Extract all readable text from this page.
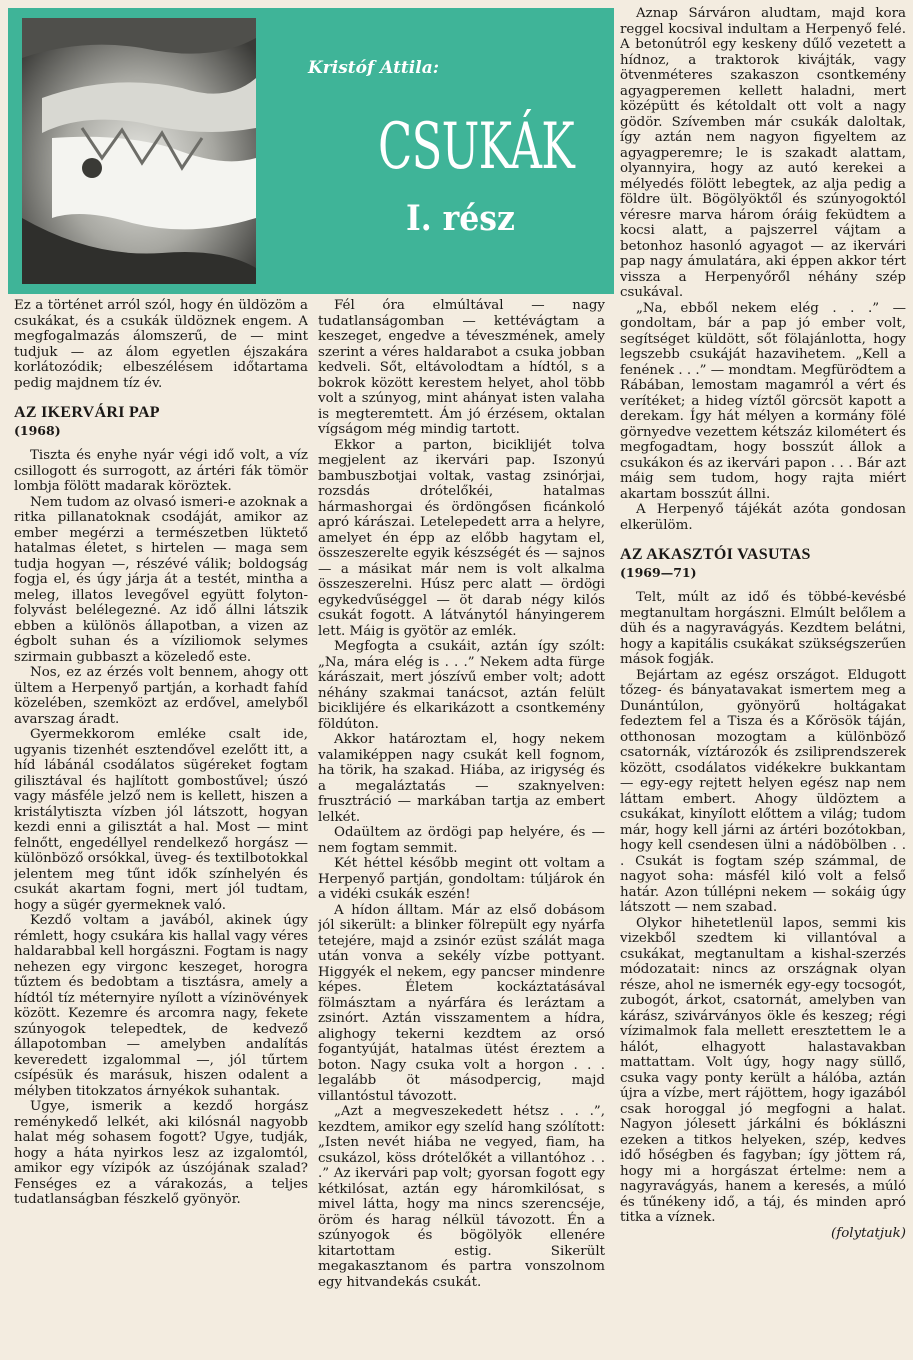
Kristóf Attila:

CSUKÁK

I. rész

Ez a történet arról szól, hogy én üldözöm a csukákat, és a csukák üldöznek engem. A megfogalmazás álomszerű, de — mint tudjuk — az álom egyetlen éjszakára korlátozódik; elbeszélésem időtartama pedig majdnem tíz év.

AZ IKERVÁRI PAP
(1968)

Tiszta és enyhe nyár végi idő volt, a víz csillogott és surrogott, az ártéri fák tömör lombja fölött madarak köröztek.

Nem tudom az olvasó ismeri-e azoknak a ritka pillanatoknak csodáját, amikor az ember megérzi a természetben lüktető hatalmas életet, s hirtelen — maga sem tudja hogyan —, részévé válik; boldogság fogja el, és úgy járja át a testét, mintha a meleg, illatos levegővel együtt folyton-folyvást belélegezné. Az idő állni látszik ebben a különös állapotban, a vizen az égbolt suhan és a víziliomok selymes szirmain gubbaszt a közeledő este.

Nos, ez az érzés volt bennem, ahogy ott ültem a Herpenyő partján, a korhadt fahíd közelében, szemközt az erdővel, amelyből avarszag áradt.

Gyermekkorom emléke csalt ide, ugyanis tizenhét esztendővel ezelőtt itt, a híd lábánál csodálatos sügéreket fogtam gilisztával és hajlított gombostűvel; úszó vagy másféle jelző nem is kellett, hiszen a kristálytiszta vízben jól látszott, hogyan kezdi enni a gilisztát a hal. Most — mint felnőtt, engedéllyel rendelkező horgász — különböző orsókkal, üveg- és textilbotokkal jelentem meg tűnt idők színhelyén és csukát akartam fogni, mert jól tudtam, hogy a sügér gyermeknek való.

Kezdő voltam a javából, akinek úgy rémlett, hogy csukára kis hallal vagy véres haldarabbal kell horgászni. Fogtam is nagy nehezen egy virgonc keszeget, horogra tűztem és bedobtam a tisztásra, amely a hídtól tíz méternyire nyílott a vízinövények között. Kezemre és arcomra nagy, fekete szúnyogok telepedtek, de kedvező állapotomban — amelyben andalítás keveredett izgalommal —, jól tűrtem csípésük és marásuk, hiszen odalent a mélyben titokzatos árnyékok suhantak.

Ugye, ismerik a kezdő horgász reménykedő lelkét, aki kilósnál nagyobb halat még sohasem fogott? Ugye, tudják, hogy a háta nyirkos lesz az izgalomtól, amikor egy vízipók az úszójának szalad? Fenséges ez a várakozás, a teljes tudatlanságban fészkelő gyönyör.

Fél óra elmúltával — nagy tudatlanságomban — kettévágtam a keszeget, engedve a téveszmének, amely szerint a véres haldarabot a csuka jobban kedveli. Sőt, eltávolodtam a hídtól, s a bokrok között kerestem helyet, ahol több volt a szúnyog, mint ahányat isten valaha is megteremtett. Ám jó érzésem, oktalan vígságom még mindig tartott.

Ekkor a parton, biciklijét tolva megjelent az ikervári pap. Iszonyú bambuszbotjai voltak, vastag zsinórjai, rozsdás drótelőkéi, hatalmas hármashorgai és ördöngősen ficánkoló apró kárászai. Letelepedett arra a helyre, amelyet én épp az előbb hagytam el, összeszerelte egyik készségét és — sajnos — a másikat már nem is volt alkalma összeszerelni. Húsz perc alatt — ördögi egykedvűséggel — öt darab négy kilós csukát fogott. A látványtól hányingerem lett. Máig is gyötör az emlék.

Megfogta a csukáit, aztán így szólt: „Na, mára elég is . . .” Nekem adta fürge kárászait, mert jószívű ember volt; adott néhány szakmai tanácsot, aztán felült biciklijére és elkarikázott a csontkemény földúton.

Akkor határoztam el, hogy nekem valamiképpen nagy csukát kell fognom, ha törik, ha szakad. Hiába, az irigység és a megaláztatás — szaknyelven: frusztráció — markában tartja az embert lelkét.

Odaültem az ördögi pap helyére, és — nem fogtam semmit.

Két héttel később megint ott voltam a Herpenyő partján, gondoltam: túljárok én a vidéki csukák eszén!

A hídon álltam. Már az első dobásom jól sikerült: a blinker fölrepült egy nyárfa tetejére, majd a zsinór ezüst szálát maga után vonva a sekély vízbe pottyant. Higgyék el nekem, egy pancser mindenre képes. Életem kockáztatásával fölmásztam a nyárfára és leráztam a zsinórt. Aztán visszamentem a hídra, alighogy tekerni kezdtem az orsó fogantyúját, hatalmas ütést éreztem a boton. Nagy csuka volt a horgon . . . legalább öt másodpercig, majd villantóstul távozott.

„Azt a megveszekedett hétsz . . .”, kezdtem, amikor egy szelíd hang szólított: „Isten nevét hiába ne vegyed, fiam, ha csukázol, köss drótelőkét a villantóhoz . . .” Az ikervári pap volt; gyorsan fogott egy kétkilósat, aztán egy háromkilósat, s mivel látta, hogy ma nincs szerencséje, öröm és harag nélkül távozott. Én a szúnyogok és bögölyök ellenére kitartottam estig. Sikerült megakasztanom és partra vonszolnom egy hitvandekás csukát.

Aznap Sárváron aludtam, majd kora reggel kocsival indultam a Herpenyő felé. A betonútról egy keskeny dűlő vezetett a hídnoz, a traktorok kivájták, vagy ötvenméteres szakaszon csontkemény agyagperemen kellett haladni, mert középütt és kétoldalt ott volt a nagy gödör. Szívemben már csukák daloltak, így aztán nem nagyon figyeltem az agyagperemre; le is szakadt alattam, olyannyira, hogy az autó kerekei a mélyedés fölött lebegtek, az alja pedig a földre ült. Bögölyöktől és szúnyogoktól véresre marva három óráig feküdtem a kocsi alatt, a pajszerrel vájtam a betonhoz hasonló agyagot — az ikervári pap nagy ámulatára, aki éppen akkor tért vissza a Herpenyőről néhány szép csukával.

„Na, ebből nekem elég . . .” — gondoltam, bár a pap jó ember volt, segítséget küldött, sőt fölajánlotta, hogy legszebb csukáját hazavihetem. „Kell a fenének . . .” — mondtam. Megfürödtem a Rábában, lemostam magamról a vért és verítéket; a hideg víztől görcsöt kapott a derekam. Így hát mélyen a kormány fölé görnyedve vezettem kétszáz kilométert és megfogadtam, hogy bosszút állok a csukákon és az ikervári papon . . . Bár azt máig sem tudom, hogy rajta miért akartam bosszút állni.

A Herpenyő tájékát azóta gondosan elkerülöm.

AZ AKASZTÓI VASUTAS
(1969—71)

Telt, múlt az idő és többé-kevésbé megtanultam horgászni. Elmúlt belőlem a düh és a nagyravágyás. Kezdtem belátni, hogy a kapitális csukákat szükségszerűen mások fogják.

Bejártam az egész országot. Eldugott tőzeg- és bányatavakat ismertem meg a Dunántúlon, gyönyörű holtágakat fedeztem fel a Tisza és a Kőrösök táján, otthonosan mozogtam a különböző csatornák, víztározók és zsiliprendszerek között, csodálatos vidékekre bukkantam — egy-egy rejtett helyen egész nap nem láttam embert. Ahogy üldöztem a csukákat, kinyílott előttem a világ; tudom már, hogy kell járni az ártéri bozótokban, hogy kell csendesen ülni a nádöbölben . . . Csukát is fogtam szép számmal, de nagyot soha: másfél kiló volt a felső határ. Azon túllépni nekem — sokáig úgy látszott — nem szabad.

Olykor hihetetlenül lapos, semmi kis vizekből szedtem ki villantóval a csukákat, megtanultam a kishal-szerzés módozatait: nincs az országnak olyan része, ahol ne ismernék egy-egy tocsogót, zubogót, árkot, csatornát, amelyben van kárász, szivárványos ökle és keszeg; régi vízimalmok fala mellett eresztettem le a hálót, elhagyott halastavakban mattattam. Volt úgy, hogy nagy süllő, csuka vagy ponty került a hálóba, aztán újra a vízbe, mert rájöttem, hogy igazából csak horoggal jó megfogni a halat. Nagyon jólesett járkálni és bóklászni ezeken a titkos helyeken, szép, kedves idő hőségben és fagyban; így jöttem rá, hogy mi a horgászat értelme: nem a nagyravágyás, hanem a keresés, a múló és tűnékeny idő, a táj, és minden apró titka a víznek.

(folytatjuk)
